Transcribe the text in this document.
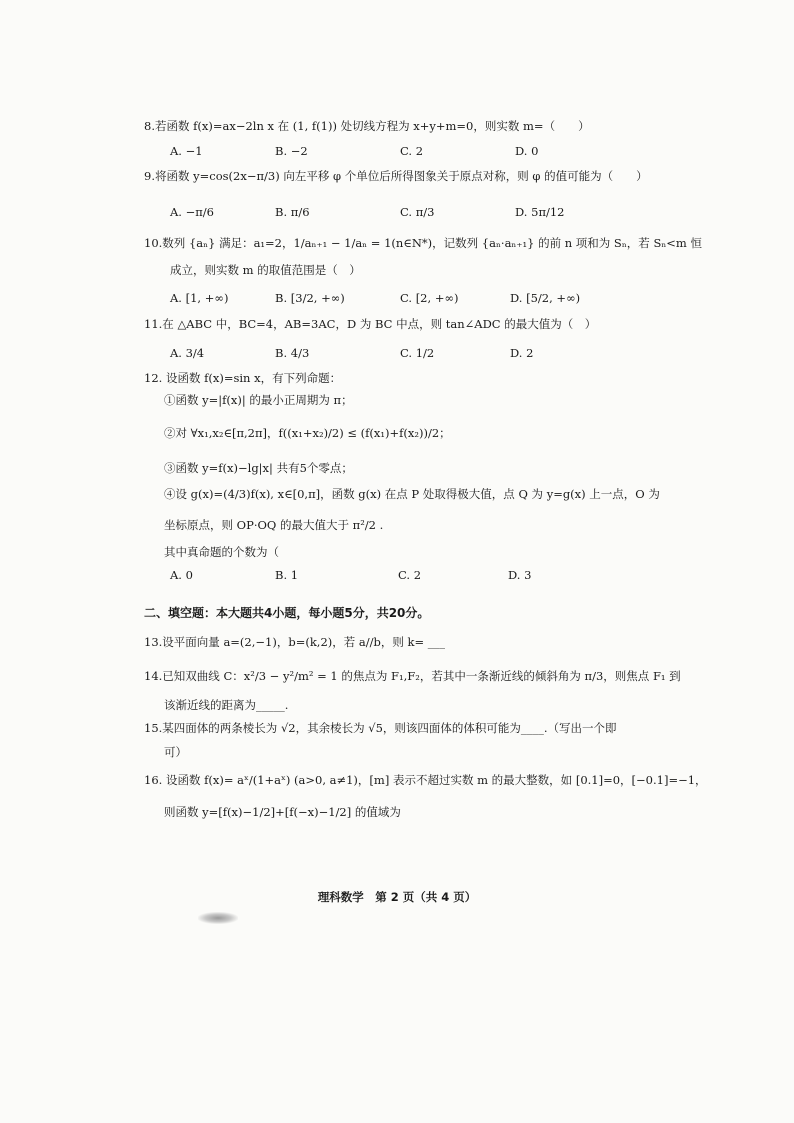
8.若函数 f(x)=ax−2ln x 在 (1, f(1)) 处切线方程为 x+y+m=0，则实数 m=（　　）
A. −1	B. −2	C. 2	D. 0
9.将函数 y=cos(2x−π/3) 向左平移 φ 个单位后所得图象关于原点对称，则 φ 的值可能为（　　）
A. −π/6	B. π/6	C. π/3	D. 5π/12
10.数列 {aₙ} 满足：a₁=2，1/aₙ₊₁ − 1/aₙ = 1(n∈N*)，记数列 {aₙ·aₙ₊₁} 的前 n 项和为 Sₙ，若 Sₙ<m 恒
成立，则实数 m 的取值范围是（　）
A. [1, +∞)	B. [3/2, +∞)	C. [2, +∞)	D. [5/2, +∞)
11.在 △ABC 中，BC=4，AB=3AC，D 为 BC 中点，则 tan∠ADC 的最大值为（　）
A. 3/4	B. 4/3	C. 1/2	D. 2
12. 设函数 f(x)=sin x，有下列命题：
①函数 y=|f(x)| 的最小正周期为 π；
②对 ∀x₁,x₂∈[π,2π]，f((x₁+x₂)/2) ≤ (f(x₁)+f(x₂))/2；
③函数 y=f(x)−lg|x| 共有5个零点；
④设 g(x)=(4/3)f(x), x∈[0,π]，函数 g(x) 在点 P 处取得极大值，点 Q 为 y=g(x) 上一点，O 为
坐标原点，则 OP·OQ 的最大值大于 π²/2 .
其中真命题的个数为（
A. 0	B. 1	C. 2	D. 3
二、填空题：本大题共4小题，每小题5分，共20分。
13.设平面向量 a=(2,−1)，b=(k,2)，若 a//b，则 k= ___
14.已知双曲线 C：x²/3 − y²/m² = 1 的焦点为 F₁,F₂，若其中一条渐近线的倾斜角为 π/3，则焦点 F₁ 到
该渐近线的距离为_____.
15.某四面体的两条棱长为 √2，其余棱长为 √5，则该四面体的体积可能为____.（写出一个即
可）
16. 设函数 f(x)= aˣ/(1+aˣ) (a>0, a≠1)，[m] 表示不超过实数 m 的最大整数，如 [0.1]=0，[−0.1]=−1，
则函数 y=[f(x)−1/2]+[f(−x)−1/2] 的值域为
理科数学　第 2 页（共 4 页）
